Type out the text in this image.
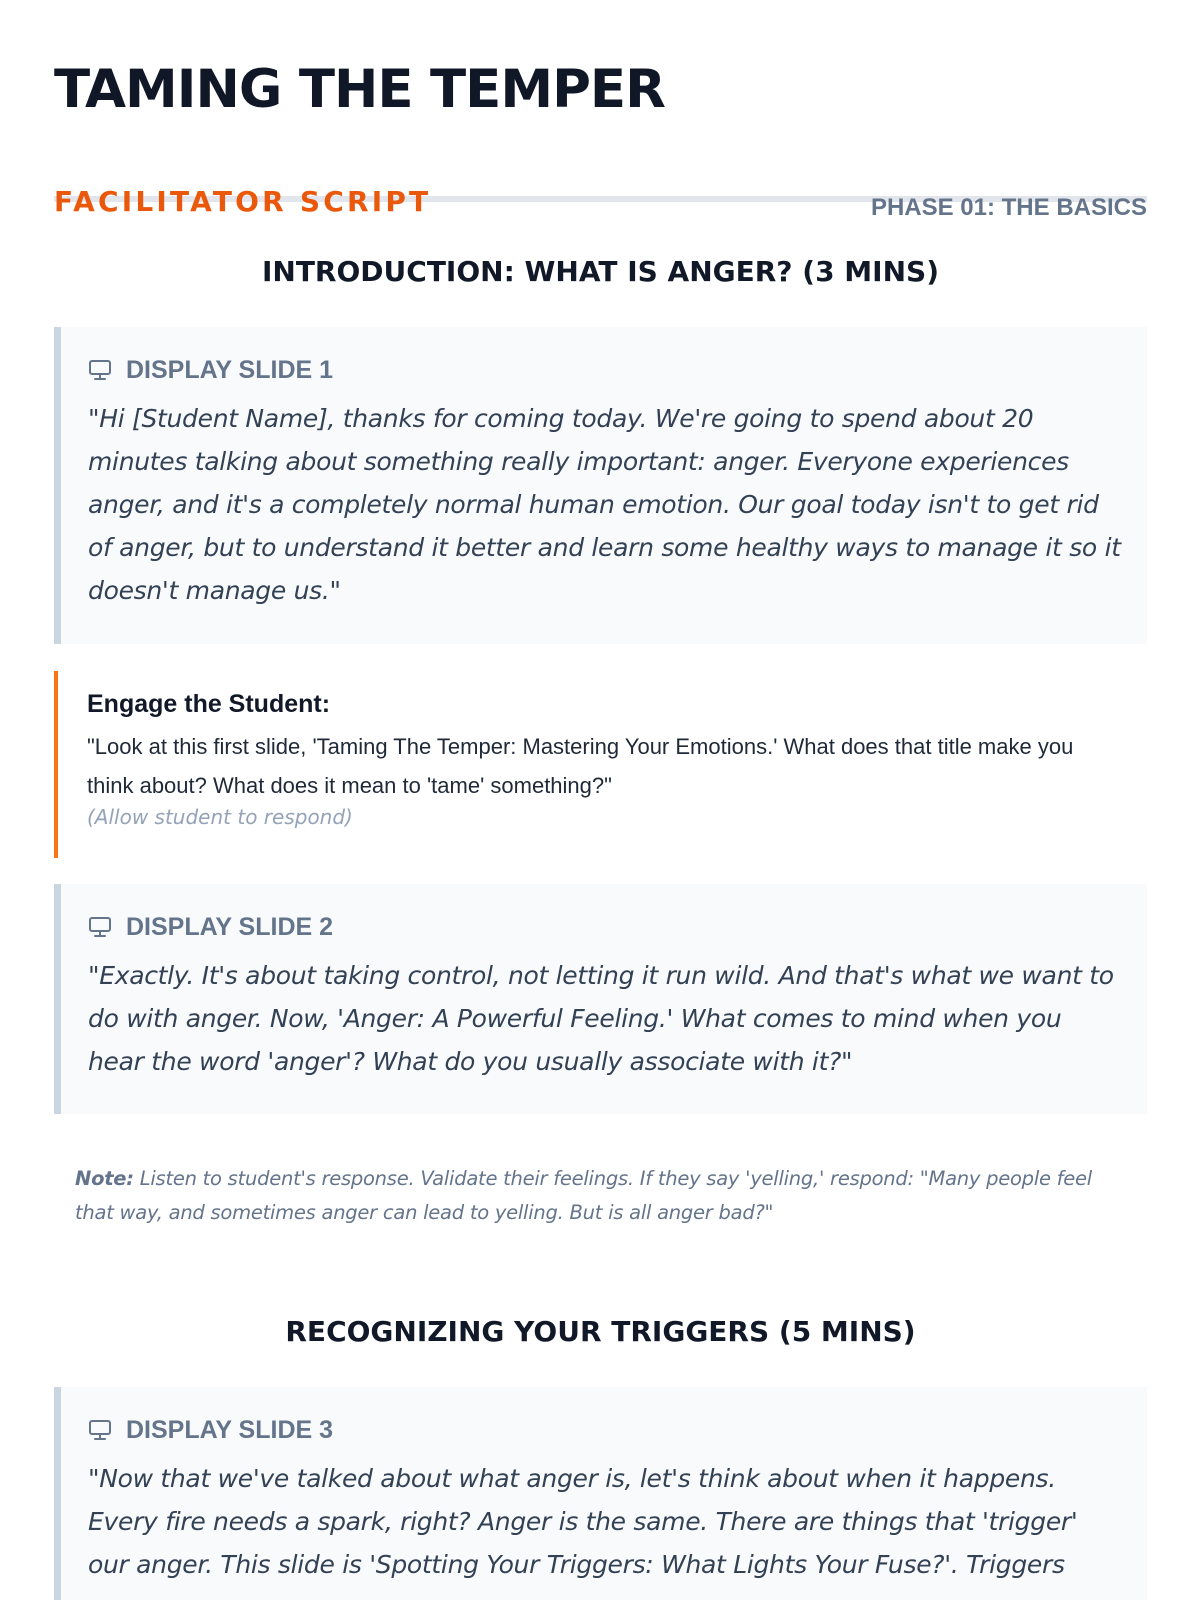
TAMING THE TEMPER
FACILITATOR SCRIPT	PHASE 01: THE BASICS
INTRODUCTION: WHAT IS ANGER? (3 MINS)
DISPLAY SLIDE 1

"Hi [Student Name], thanks for coming today. We're going to spend about 20 minutes talking about something really important: anger. Everyone experiences anger, and it's a completely normal human emotion. Our goal today isn't to get rid of anger, but to understand it better and learn some healthy ways to manage it so it doesn't manage us."

Engage the Student:
"Look at this first slide, 'Taming The Temper: Mastering Your Emotions.' What does that title make you think about? What does it mean to 'tame' something?"
(Allow student to respond)
DISPLAY SLIDE 2

"Exactly. It's about taking control, not letting it run wild. And that's what we want to do with anger. Now, 'Anger: A Powerful Feeling.' What comes to mind when you hear the word 'anger'? What do you usually associate with it?"

Note: Listen to student's response. Validate their feelings. If they say 'yelling,' respond: "Many people feel that way, and sometimes anger can lead to yelling. But is all anger bad?"
RECOGNIZING YOUR TRIGGERS (5 MINS)
DISPLAY SLIDE 3

"Now that we've talked about what anger is, let's think about when it happens. Every fire needs a spark, right? Anger is the same. There are things that 'trigger' our anger. This slide is 'Spotting Your Triggers: What Lights Your Fuse?'. Triggers
